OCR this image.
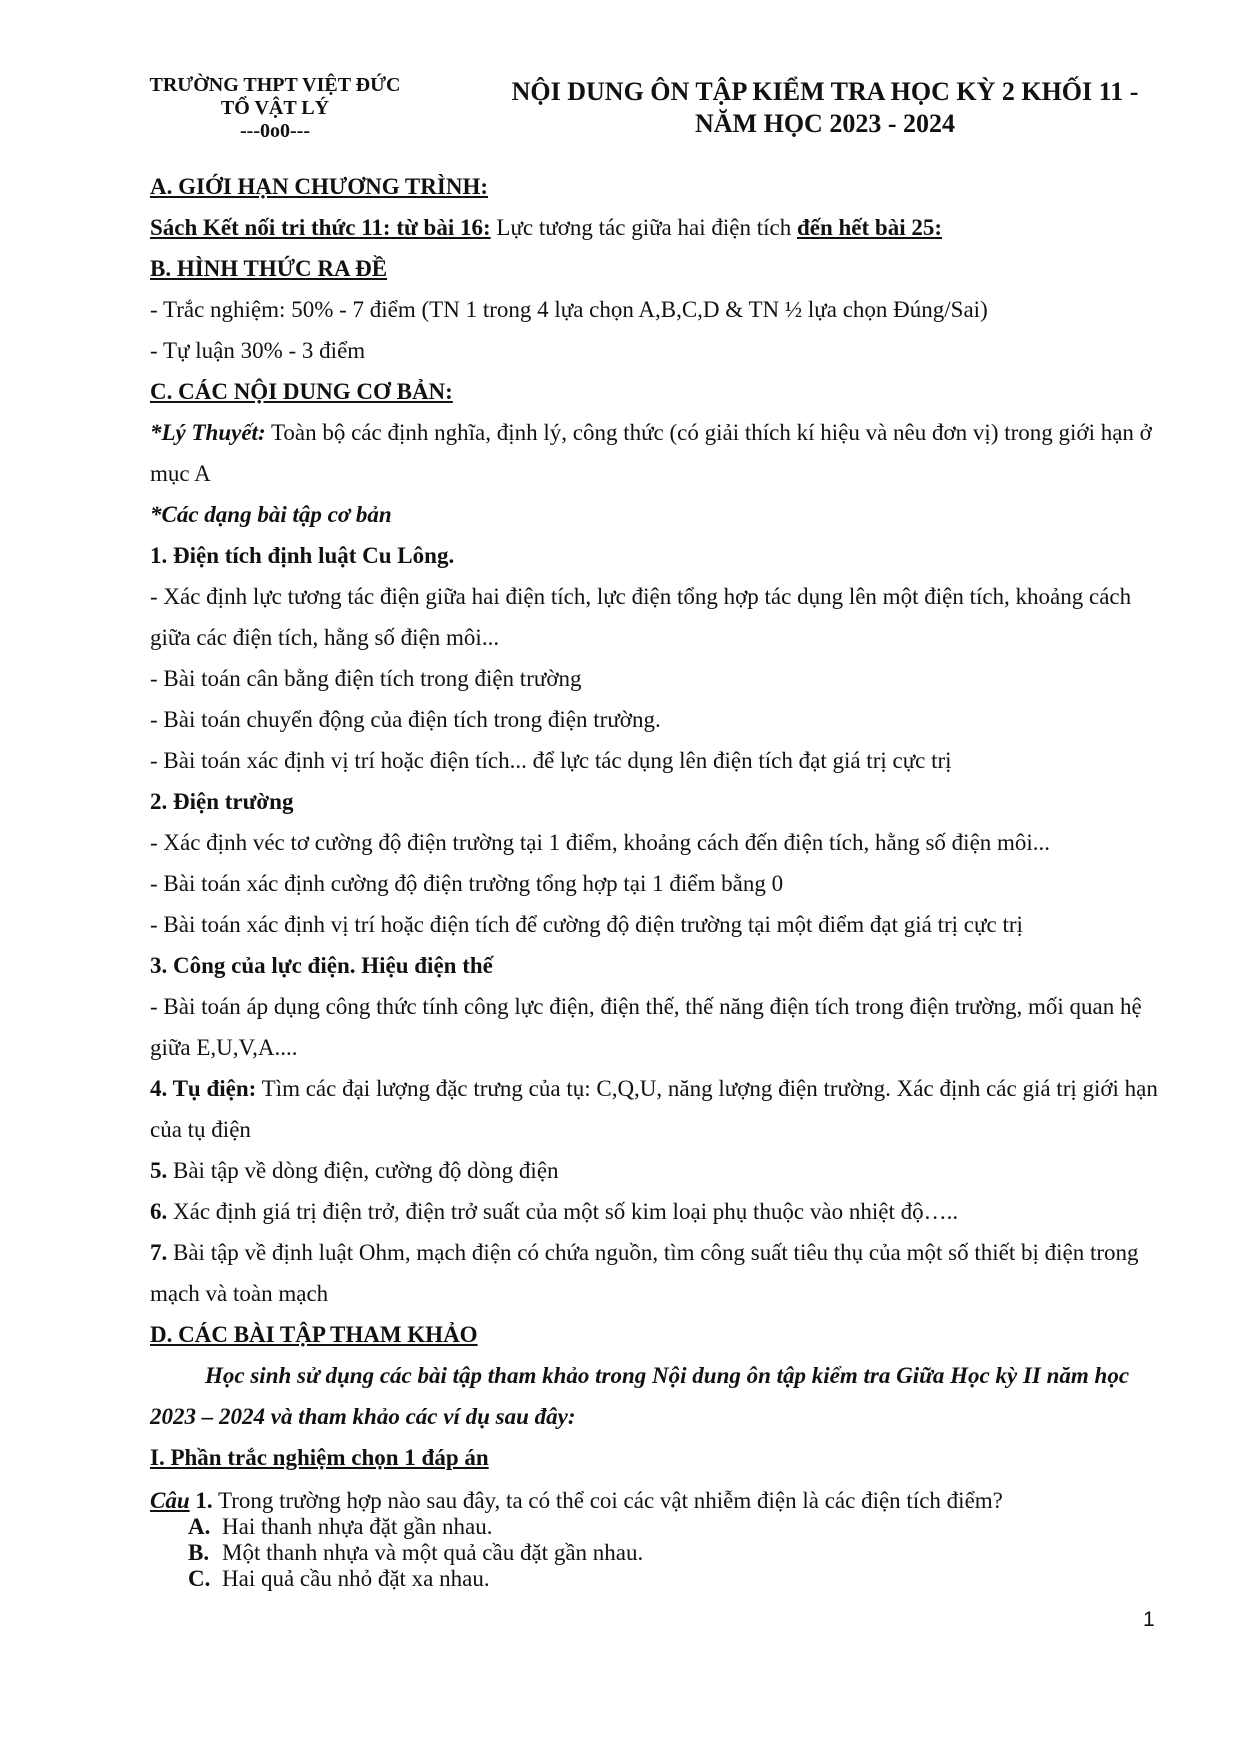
TRƯỜNG THPT VIỆT ĐỨC
TỔ VẬT LÝ
---0o0---
NỘI DUNG ÔN TẬP KIỂM TRA HỌC KỲ 2 KHỐI 11 -
NĂM HỌC 2023 - 2024

A. GIỚI HẠN CHƯƠNG TRÌNH:

Sách Kết nối tri thức 11: từ bài 16: Lực tương tác giữa hai điện tích đến hết bài 25:

B. HÌNH THỨC RA ĐỀ

- Trắc nghiệm: 50% - 7 điểm (TN 1 trong 4 lựa chọn A,B,C,D & TN ½ lựa chọn Đúng/Sai)

- Tự luận 30% - 3 điểm

C. CÁC NỘI DUNG CƠ BẢN:

*Lý Thuyết: Toàn bộ các định nghĩa, định lý, công thức (có giải thích kí hiệu và nêu đơn vị) trong giới hạn ở mục A

*Các dạng bài tập cơ bản

1. Điện tích định luật Cu Lông.

- Xác định lực tương tác điện giữa hai điện tích, lực điện tổng hợp tác dụng lên một điện tích, khoảng cách giữa các điện tích, hằng số điện môi...

- Bài toán cân bằng điện tích trong điện trường

- Bài toán chuyển động của điện tích trong điện trường.

- Bài toán xác định vị trí hoặc điện tích... để lực tác dụng lên điện tích đạt giá trị cực trị

2. Điện trường

- Xác định véc tơ cường độ điện trường tại 1 điểm, khoảng cách đến điện tích, hằng số điện môi...

- Bài toán xác định cường độ điện trường tổng hợp tại 1 điểm bằng 0

- Bài toán xác định vị trí hoặc điện tích để cường độ điện trường tại một điểm đạt giá trị cực trị

3. Công của lực điện. Hiệu điện thế

- Bài toán áp dụng công thức tính công lực điện, điện thế, thế năng điện tích trong điện trường, mối quan hệ giữa E,U,V,A....

4. Tụ điện: Tìm các đại lượng đặc trưng của tụ: C,Q,U, năng lượng điện trường. Xác định các giá trị giới hạn của tụ điện

5. Bài tập về dòng điện, cường độ dòng điện

6. Xác định giá trị điện trở, điện trở suất của một số kim loại phụ thuộc vào nhiệt độ…..

7. Bài tập về định luật Ohm, mạch điện có chứa nguồn, tìm công suất tiêu thụ của một số thiết bị điện trong mạch và toàn mạch

D. CÁC BÀI TẬP THAM KHẢO

Học sinh sử dụng các bài tập tham khảo trong Nội dung ôn tập kiểm tra Giữa Học kỳ II năm học 2023 – 2024 và tham khảo các ví dụ sau đây:

I. Phần trắc nghiệm chọn 1 đáp án

Câu 1. Trong trường hợp nào sau đây, ta có thể coi các vật nhiễm điện là các điện tích điểm?

A. Hai thanh nhựa đặt gần nhau.

B. Một thanh nhựa và một quả cầu đặt gần nhau.

C. Hai quả cầu nhỏ đặt xa nhau.

1
